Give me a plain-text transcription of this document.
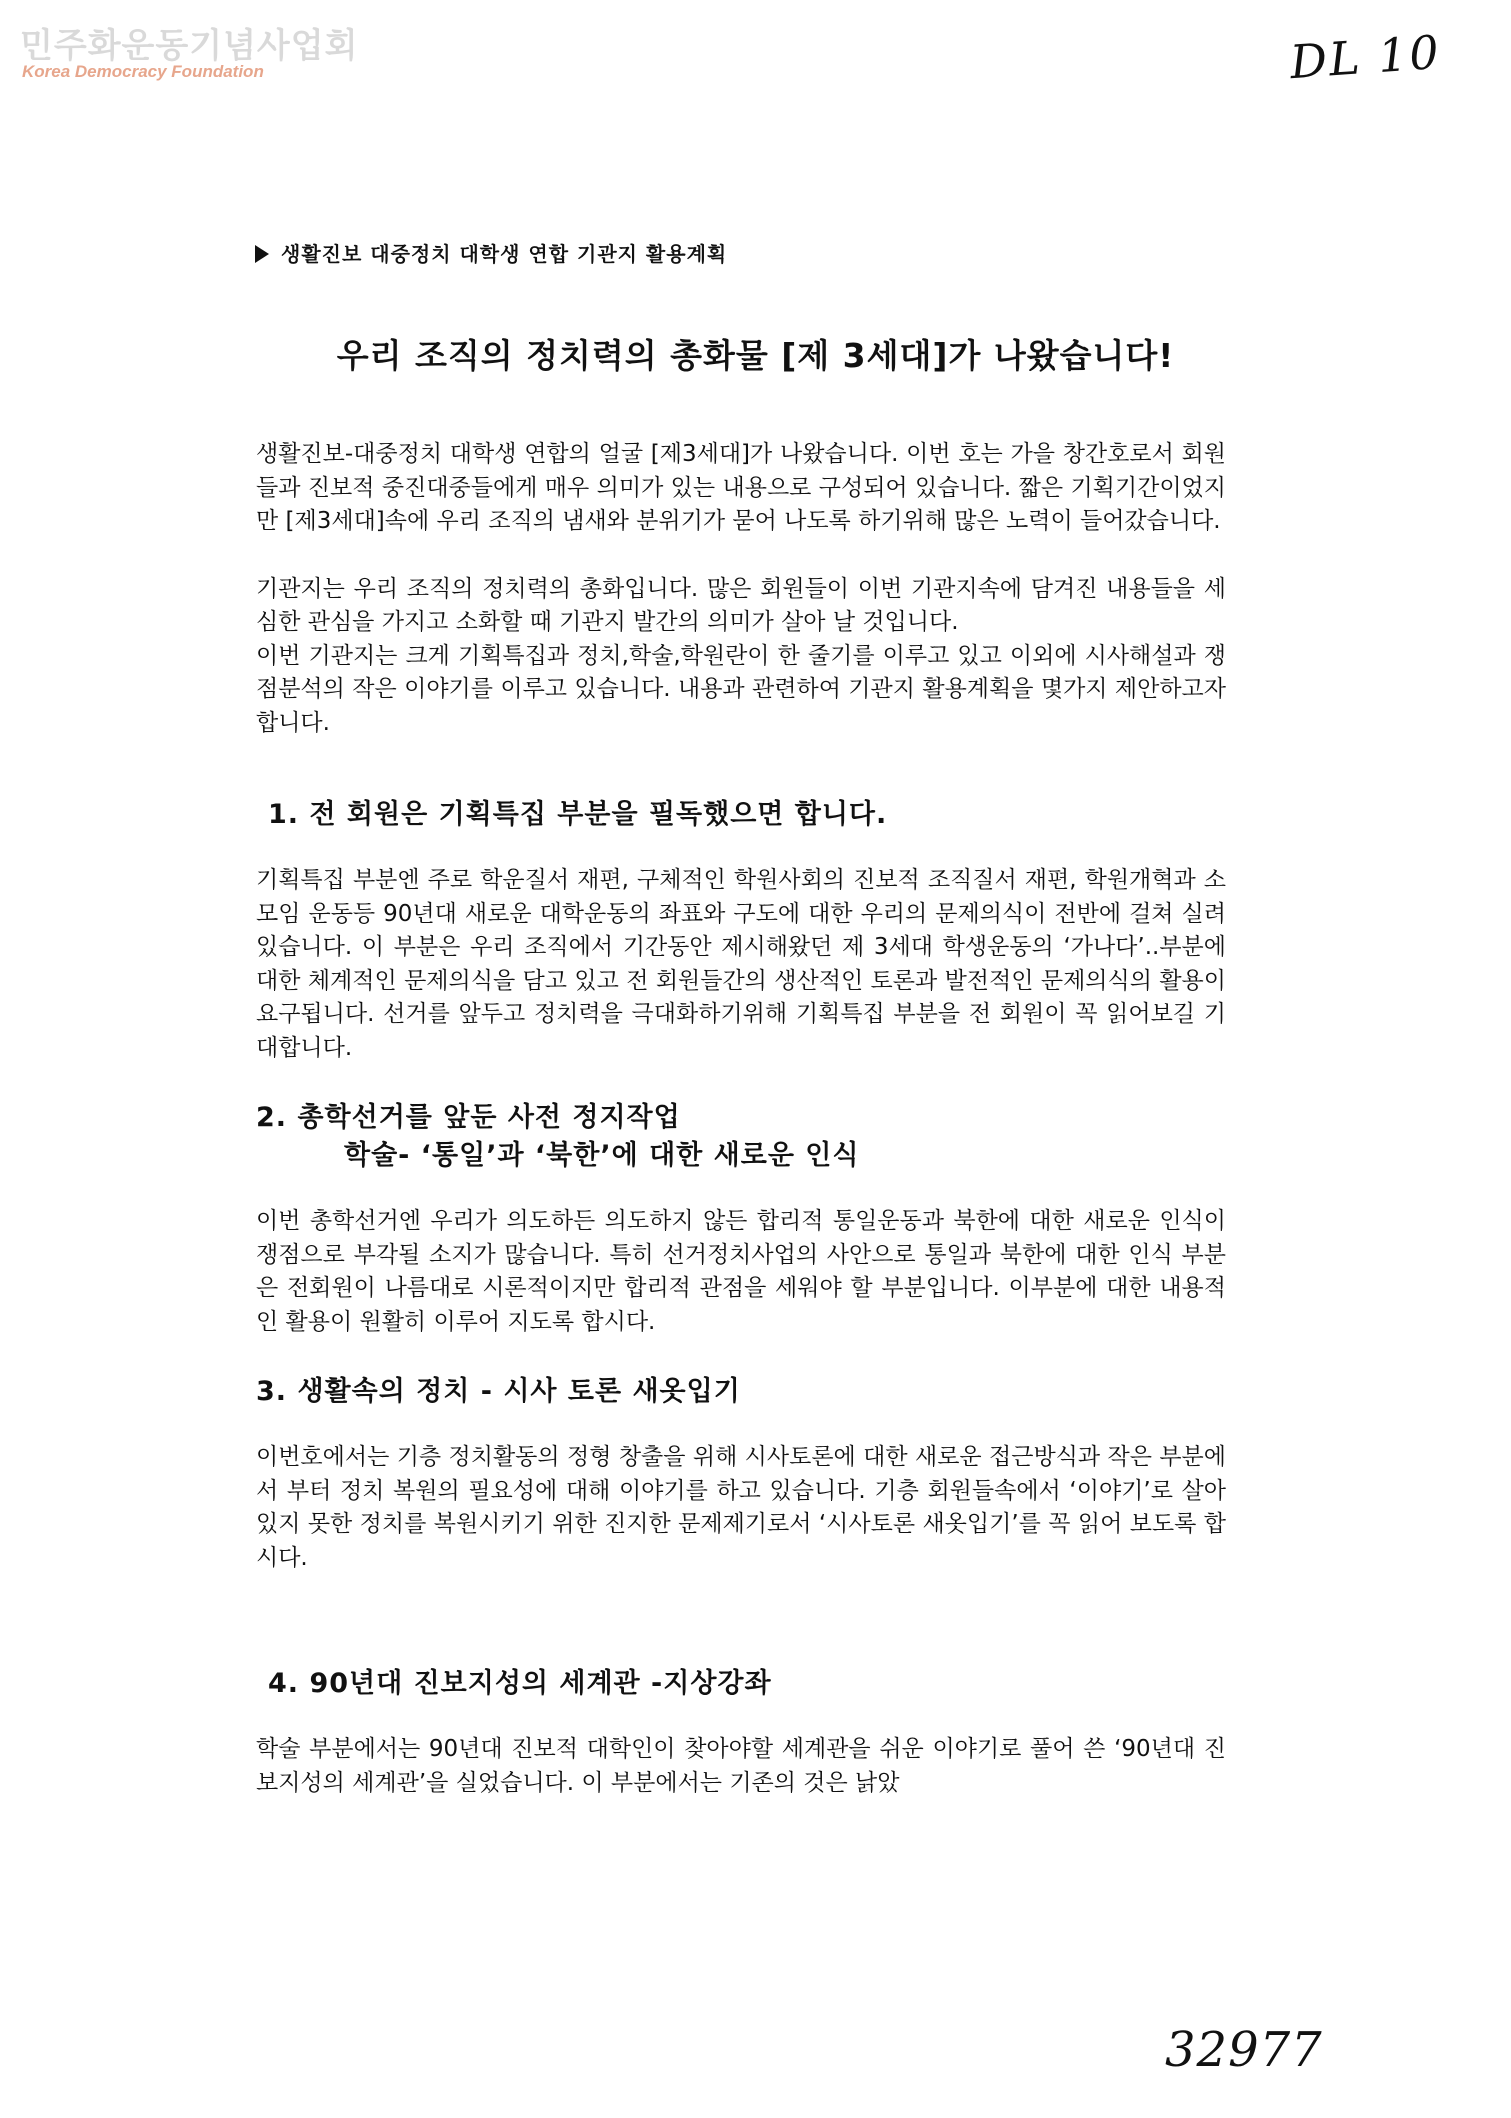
민주화운동기념사업회
Korea Democracy Foundation	DL 10
생활진보 대중정치 대학생 연합 기관지 활용계획
우리 조직의 정치력의 총화물 [제 3세대]가 나왔습니다!

생활진보-대중정치 대학생 연합의 얼굴 [제3세대]가 나왔습니다. 이번 호는 가을 창간호로서 회원들과 진보적 중진대중들에게 매우 의미가 있는 내용으로 구성되어 있습니다. 짧은 기획기간이었지만 [제3세대]속에 우리 조직의 냄새와 분위기가 묻어 나도록 하기위해 많은 노력이 들어갔습니다.

기관지는 우리 조직의 정치력의 총화입니다. 많은 회원들이 이번 기관지속에 담겨진 내용들을 세심한 관심을 가지고 소화할 때 기관지 발간의 의미가 살아 날 것입니다.

이번 기관지는 크게 기획특집과 정치,학술,학원란이 한 줄기를 이루고 있고 이외에 시사해설과 쟁점분석의 작은 이야기를 이루고 있습니다. 내용과 관련하여 기관지 활용계획을 몇가지 제안하고자 합니다.

1. 전 회원은 기획특집 부분을 필독했으면 합니다.

기획특집 부분엔 주로 학운질서 재편, 구체적인 학원사회의 진보적 조직질서 재편, 학원개혁과 소모임 운동등 90년대 새로운 대학운동의 좌표와 구도에 대한 우리의 문제의식이 전반에 걸쳐 실려있습니다. 이 부분은 우리 조직에서 기간동안 제시해왔던 제 3세대 학생운동의 ‘가나다’..부분에 대한 체계적인 문제의식을 담고 있고 전 회원들간의 생산적인 토론과 발전적인 문제의식의 활용이 요구됩니다. 선거를 앞두고 정치력을 극대화하기위해 기획특집 부분을 전 회원이 꼭 읽어보길 기대합니다.

2. 총학선거를 앞둔 사전 정지작업
학술- ‘통일’과 ‘북한’에 대한 새로운 인식

이번 총학선거엔 우리가 의도하든 의도하지 않든 합리적 통일운동과 북한에 대한 새로운 인식이 쟁점으로 부각될 소지가 많습니다. 특히 선거정치사업의 사안으로 통일과 북한에 대한 인식 부분은 전회원이 나름대로 시론적이지만 합리적 관점을 세워야 할 부분입니다. 이부분에 대한 내용적인 활용이 원활히 이루어 지도록 합시다.

3. 생활속의 정치 - 시사 토론 새옷입기

이번호에서는 기층 정치활동의 정형 창출을 위해 시사토론에 대한 새로운 접근방식과 작은 부분에서 부터 정치 복원의 필요성에 대해 이야기를 하고 있습니다. 기층 회원들속에서 ‘이야기’로 살아있지 못한 정치를 복원시키기 위한 진지한 문제제기로서 ‘시사토론 새옷입기’를 꼭 읽어 보도록 합시다.

4. 90년대 진보지성의 세계관 -지상강좌

학술 부분에서는 90년대 진보적 대학인이 찾아야할 세계관을 쉬운 이야기로 풀어 쓴 ‘90년대 진보지성의 세계관’을 실었습니다. 이 부분에서는 기존의 것은 낡았

32977
